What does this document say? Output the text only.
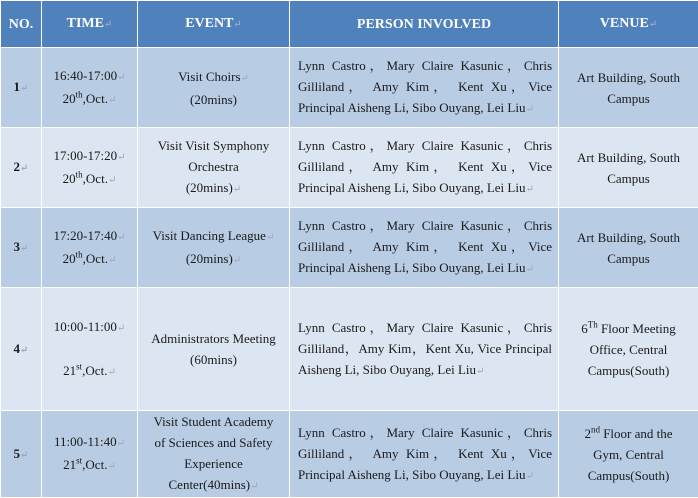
NO.	TIME↵	EVENT↵	PERSON INVOLVED	VENUE↵
1↵	16:40-17:00↵
20th,Oct.↵	Visit Choirs↵
(20mins)	Lynn Castro，Mary Claire Kasunic，Chris Gilliland， Amy Kim， Kent Xu，Vice Principal Aisheng Li, Sibo Ouyang, Lei Liu↵	Art Building, South
Campus
2↵	17:00-17:20↵
20th,Oct.↵	Visit Visit Symphony
Orchestra
(20mins)↵	Lynn Castro，Mary Claire Kasunic，Chris Gilliland， Amy Kim， Kent Xu，Vice Principal Aisheng Li, Sibo Ouyang, Lei Liu↵	Art Building, South
Campus
3↵	17:20-17:40↵
20th,Oct.↵	Visit Dancing League↵
(20mins)↵	Lynn Castro，Mary Claire Kasunic，Chris Gilliland， Amy Kim， Kent Xu，Vice Principal Aisheng Li, Sibo Ouyang, Lei Liu↵	Art Building, South
Campus
4↵	10:00-11:00↵

21st,Oct.↵	Administrators Meeting
(60mins)	Lynn Castro，Mary Claire Kasunic，Chris Gilliland，Amy Kim，Kent Xu, Vice Principal Aisheng Li, Sibo Ouyang, Lei Liu↵	6Th Floor Meeting
Office, Central
Campus(South)
5↵	11:00-11:40↵
21st,Oct.↵	Visit Student Academy
of Sciences and Safety
Experience
Center(40mins)↵	Lynn Castro，Mary Claire Kasunic，Chris Gilliland， Amy Kim， Kent Xu，Vice Principal Aisheng Li, Sibo Ouyang, Lei Liu↵	2nd Floor and the
Gym, Central
Campus(South)
